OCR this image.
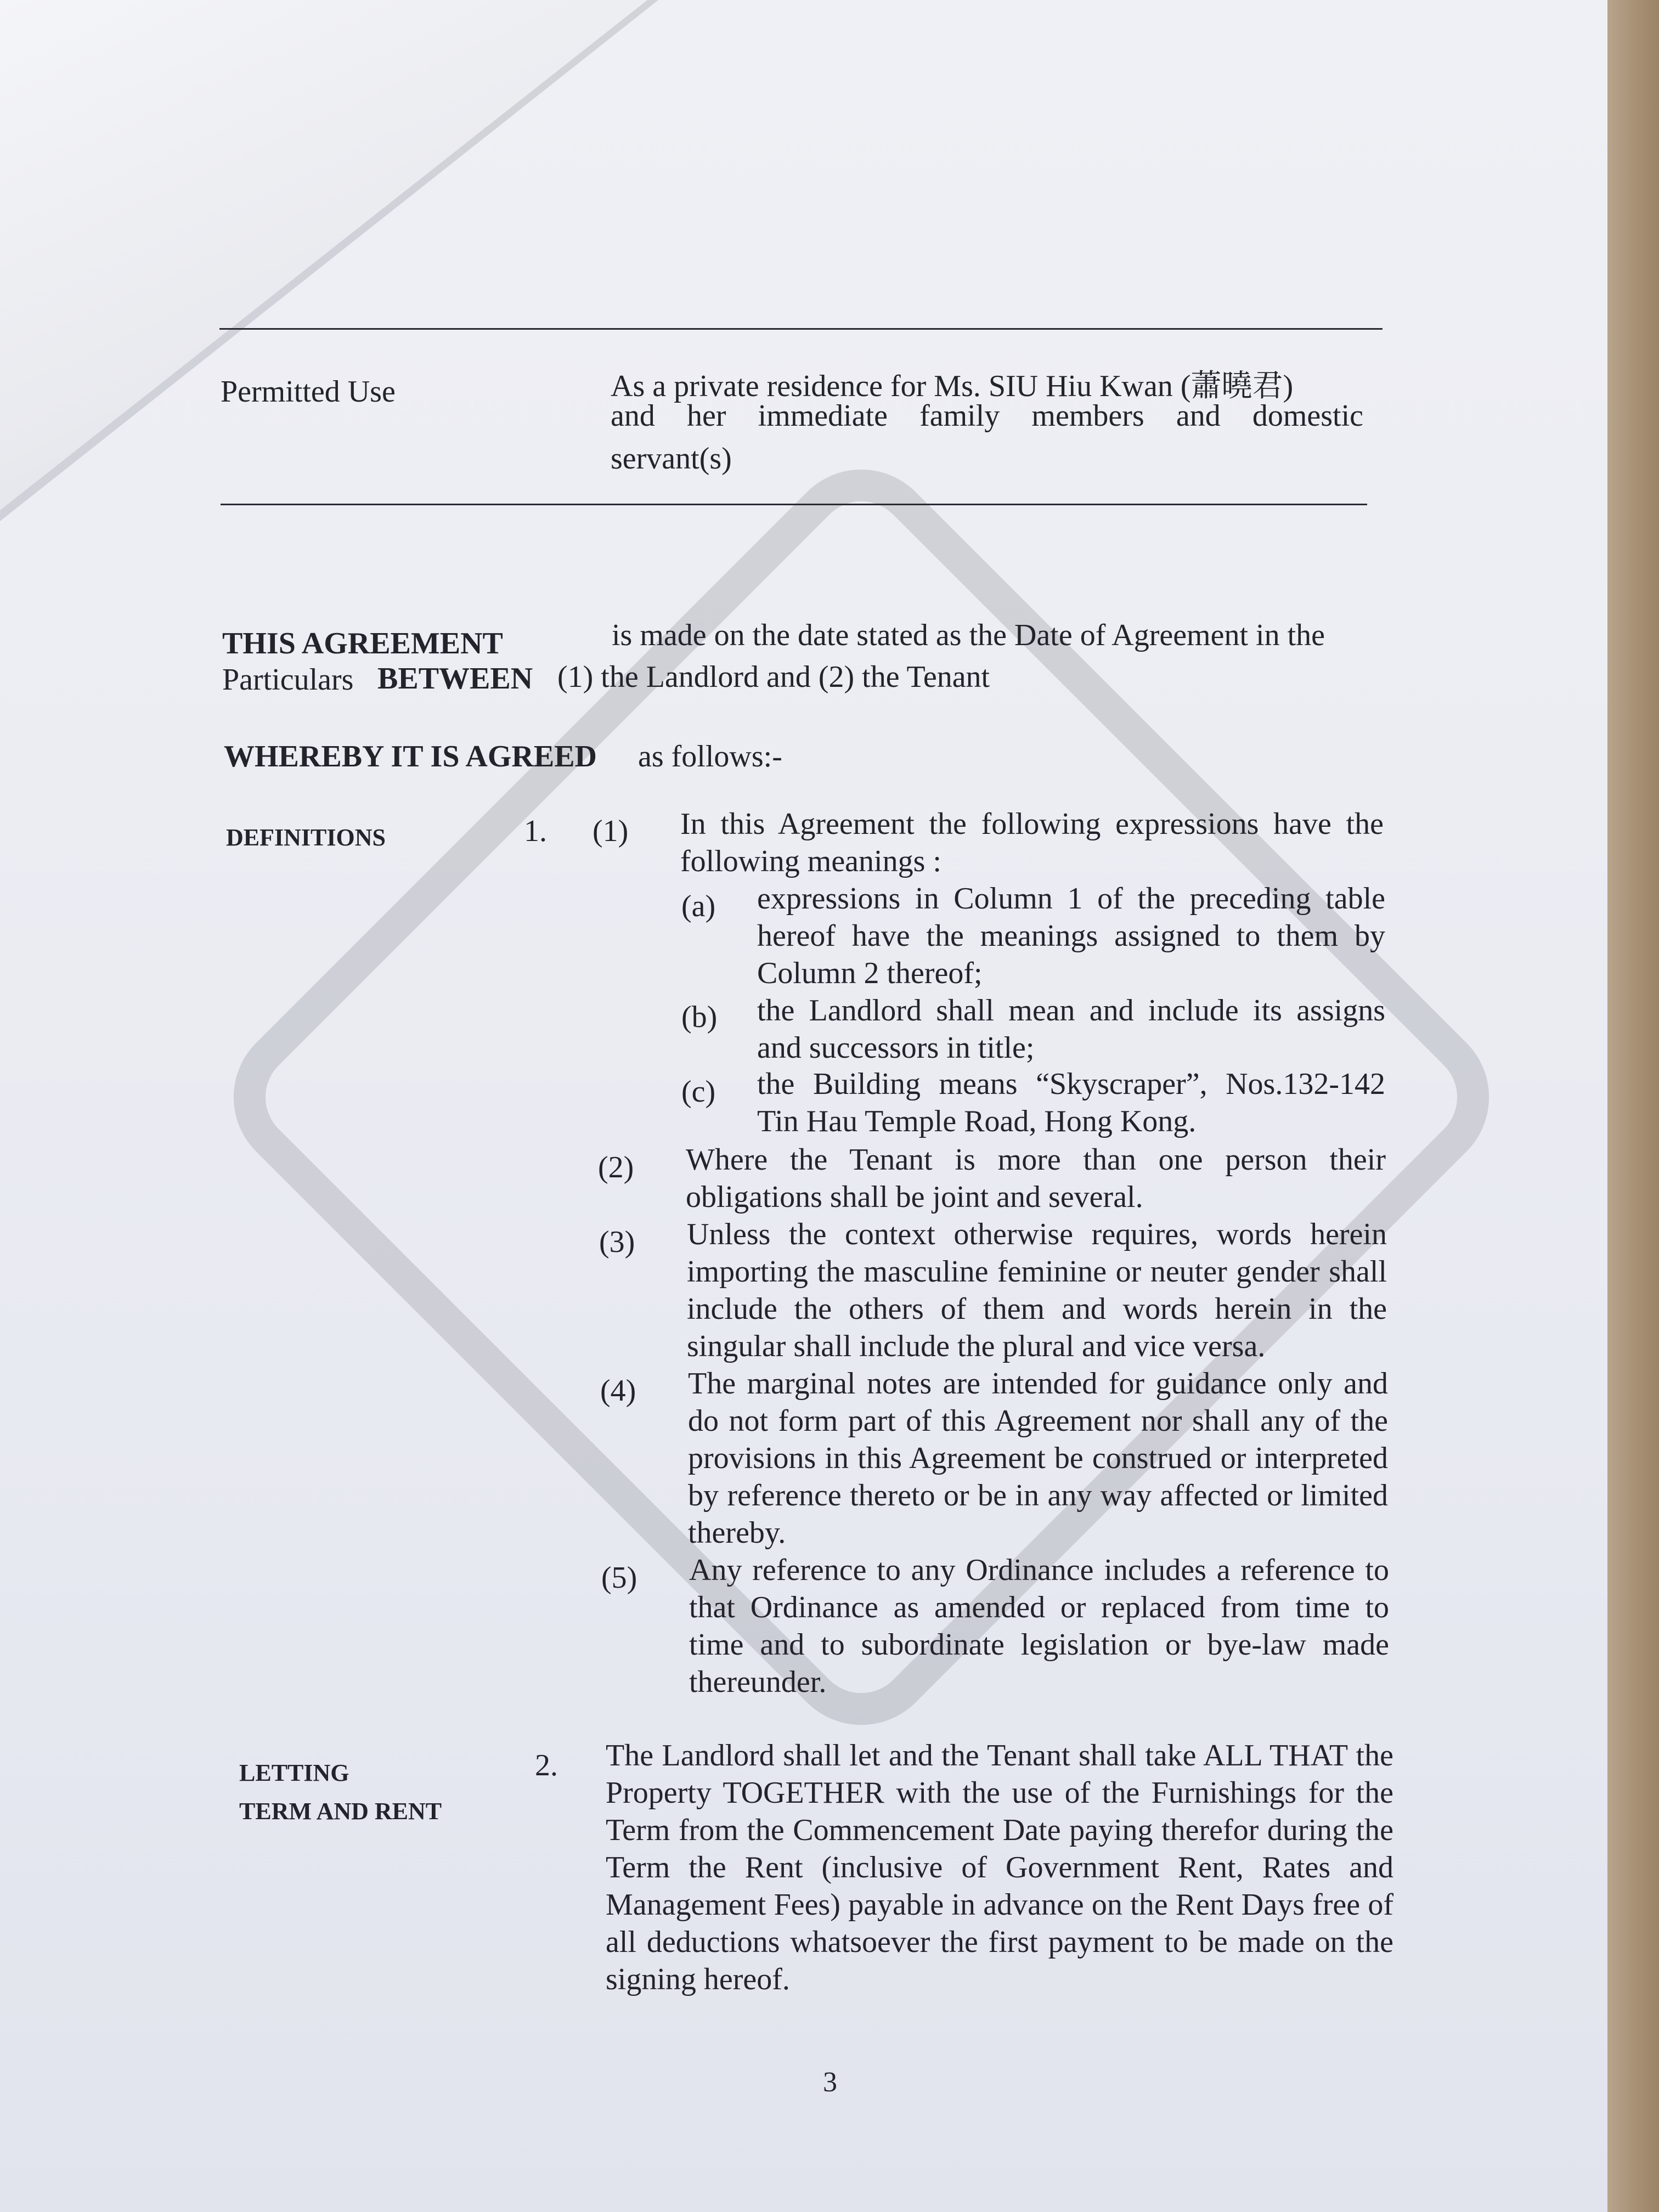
Permitted Use	As a private residence for Ms. SIU Hiu Kwan (蕭曉君)
and her immediate family members and domestic
servant(s)
THIS AGREEMENT	is made on the date stated as the Date of Agreement in the
Particulars BETWEEN (1) the Landlord and (2) the Tenant
WHEREBY IT IS AGREED as follows:-
DEFINITIONS	1. (1) In this Agreement the following expressions have the following meanings :
(a) expressions in Column 1 of the preceding table hereof have the meanings assigned to them by Column 2 thereof;
(b) the Landlord shall mean and include its assigns and successors in title;
(c) the Building means “Skyscraper”, Nos.132-142 Tin Hau Temple Road, Hong Kong.
(2) Where the Tenant is more than one person their obligations shall be joint and several.
(3) Unless the context otherwise requires, words herein importing the masculine feminine or neuter gender shall include the others of them and words herein in the singular shall include the plural and vice versa.
(4) The marginal notes are intended for guidance only and do not form part of this Agreement nor shall any of the provisions in this Agreement be construed or interpreted by reference thereto or be in any way affected or limited thereby.
(5) Any reference to any Ordinance includes a reference to that Ordinance as amended or replaced from time to time and to subordinate legislation or bye-law made thereunder.
LETTING
TERM AND RENT
2. The Landlord shall let and the Tenant shall take ALL THAT the Property TOGETHER with the use of the Furnishings for the Term from the Commencement Date paying therefor during the Term the Rent (inclusive of Government Rent, Rates and Management Fees) payable in advance on the Rent Days free of all deductions whatsoever the first payment to be made on the signing hereof.
3
